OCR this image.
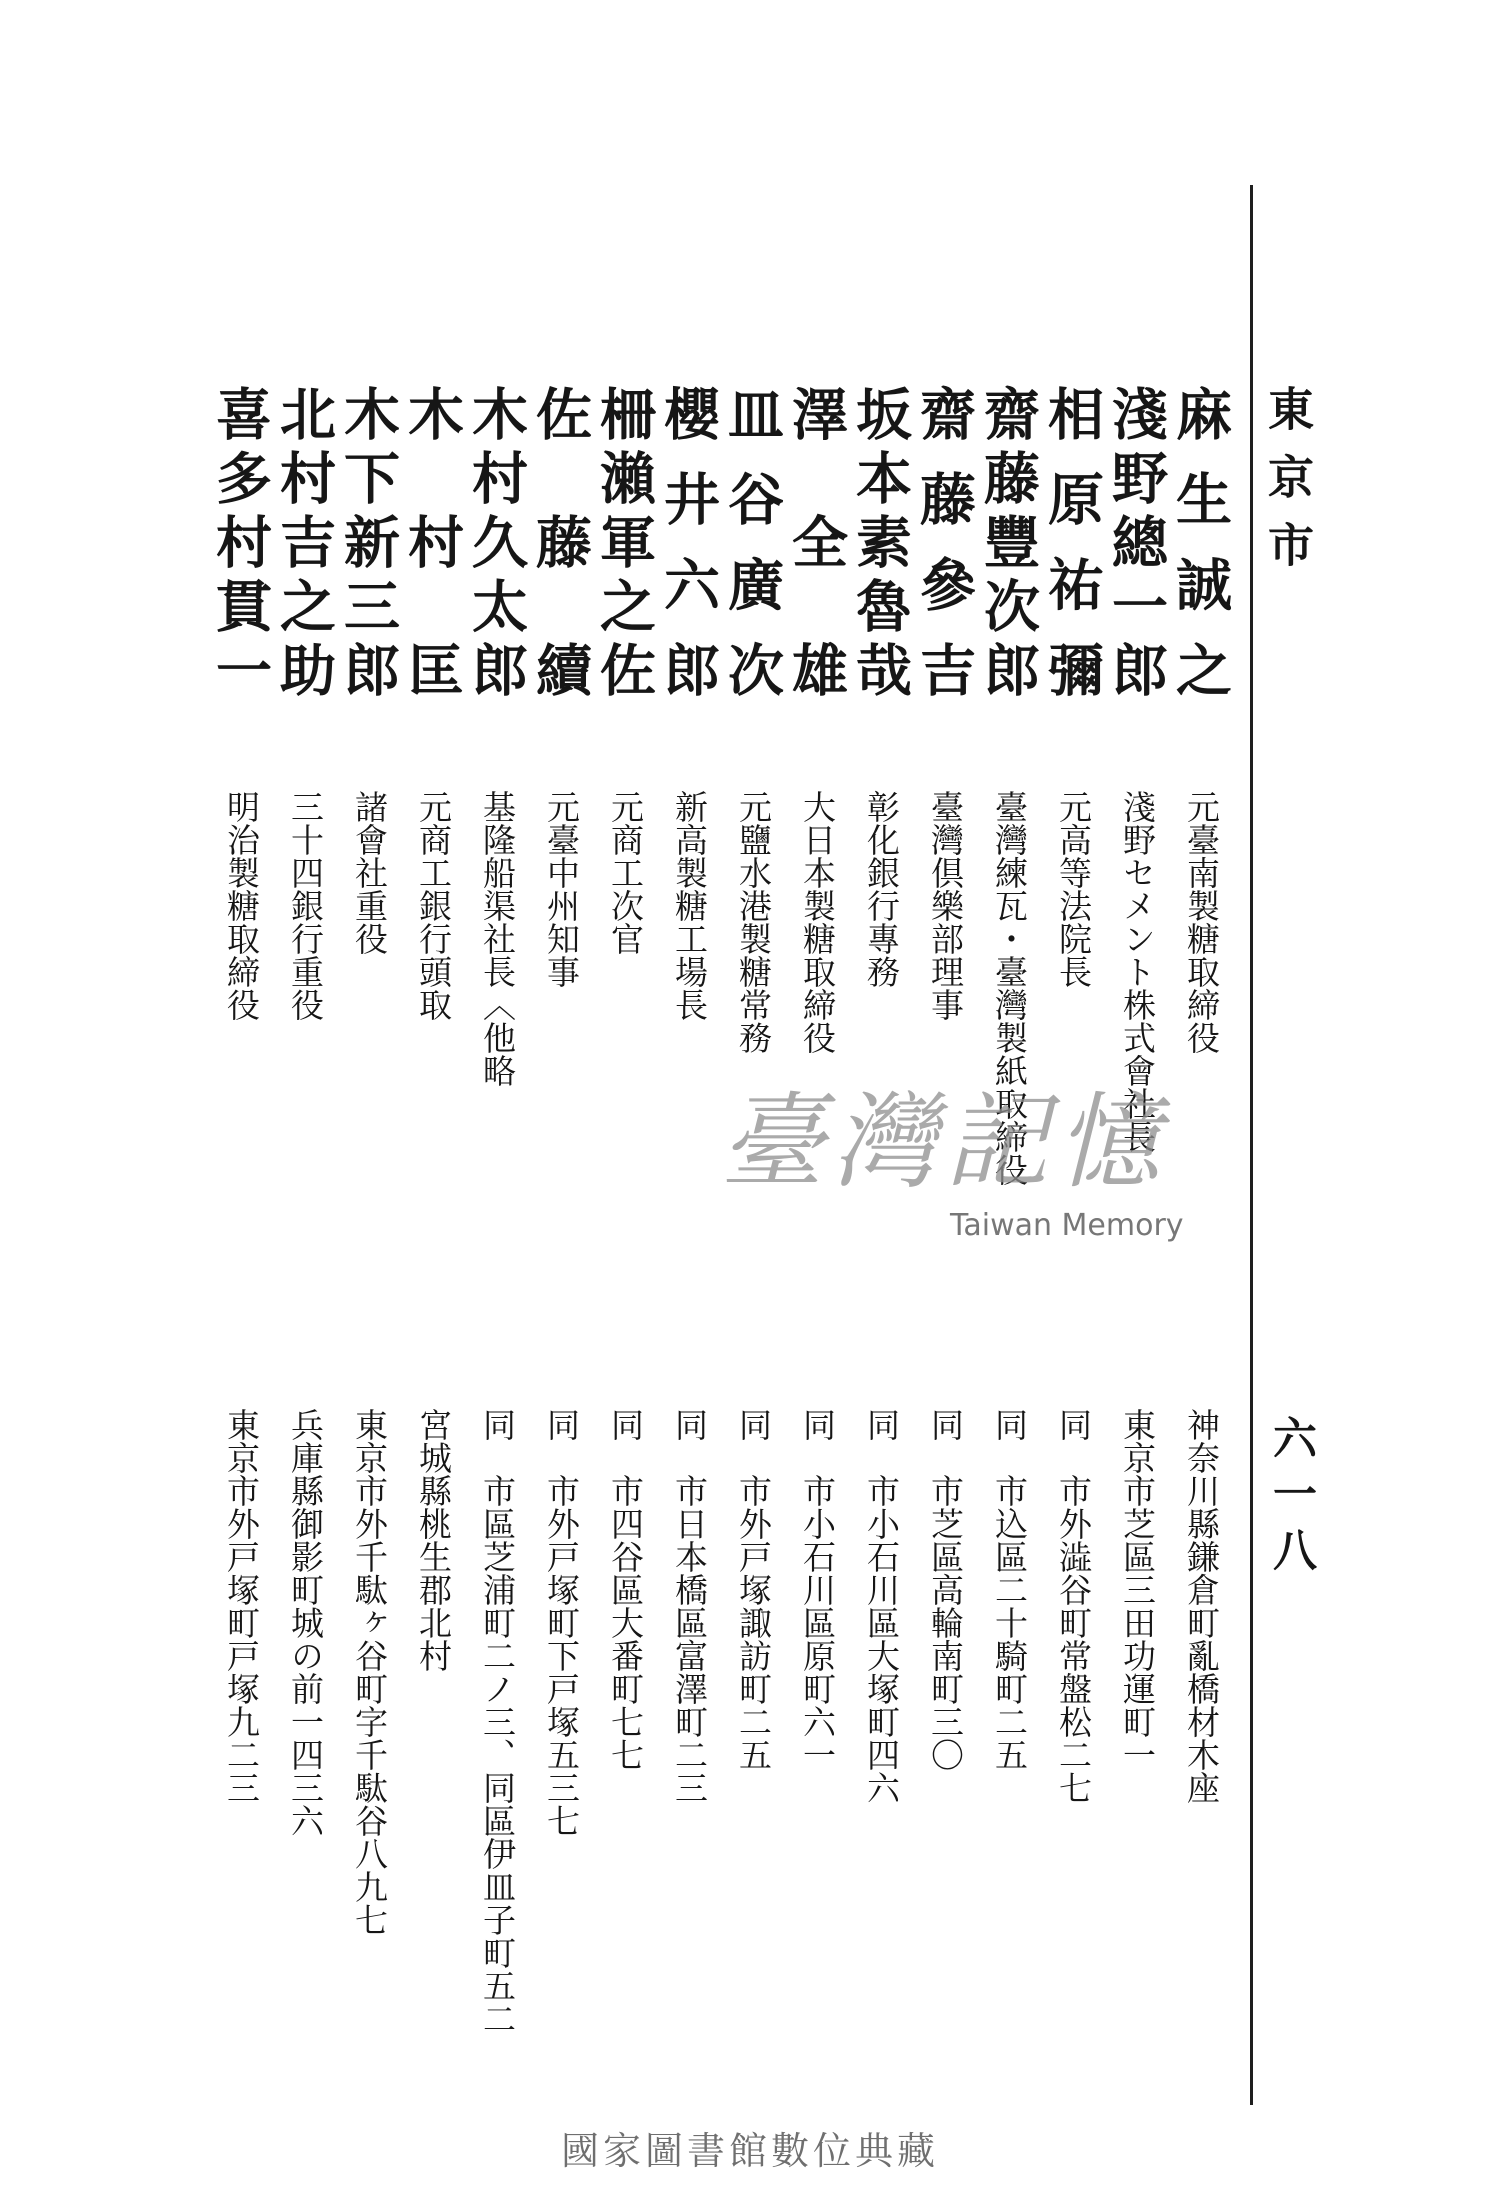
東京市
六一八
麻生誠之
元臺南製糖取締役
神奈川縣鎌倉町亂橋材木座
淺野總一郎
淺野セメント株式會社長
東京市芝區三田功運町一
相原祐彌
元高等法院長
同　市外澁谷町常盤松二七
齋藤豐次郎
臺灣練瓦・臺灣製紙取締役
同　市込區二十騎町二五
齋藤參吉
臺灣倶樂部理事
同　市芝區高輪南町三〇
坂本素魯哉
彰化銀行專務
同　市小石川區大塚町四六
澤全雄
大日本製糖取締役
同　市小石川區原町六一
皿谷廣次
元鹽水港製糖常務
同　市外戸塚諏訪町二五
櫻井六郎
新高製糖工場長
同　市日本橋區富澤町二三
柵瀨軍之佐
元商工次官
同　市四谷區大番町七七
佐藤續
元臺中州知事
同　市外戸塚町下戸塚五三七
木村久太郎
基隆船渠社長〈他略
同　市區芝浦町二ノ三、同區伊皿子町五二
木村匡
元商工銀行頭取
宮城縣桃生郡北村
木下新三郎
諸會社重役
東京市外千駄ヶ谷町字千駄谷八九七
北村吉之助
三十四銀行重役
兵庫縣御影町城の前一四三六
喜多村貫一
明治製糖取締役
東京市外戸塚町戸塚九二三
臺灣記憶
Taiwan Memory
國家圖書館數位典藏
